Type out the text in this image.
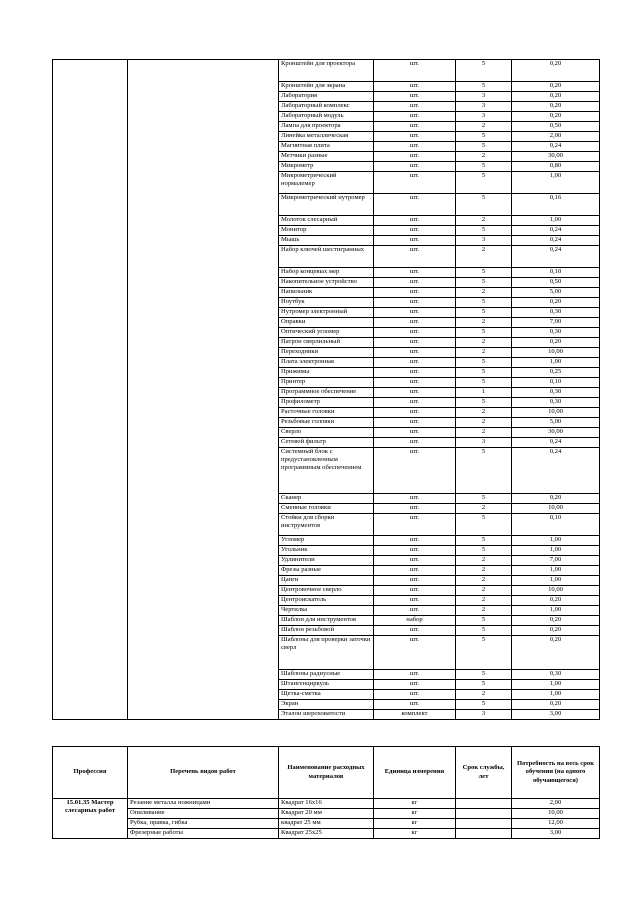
		Кронштейн для проектора	шт.	5	0,20
		Кронштейн для экрана	шт.	5	0,20
		Лаборатория	шт.	3	0,20
		Лабораторный комплекс	шт.	3	0,20
		Лабораторный модуль	шт.	3	0,20
		Лампа для проектора	шт.	2	0,50
		Линейка металлическая	шт.	5	2,00
		Магнитная плита	шт.	5	0,24
		Метчики разные	шт.	2	30,00
		Микрометр	шт.	5	0,80
		Микрометрический нормалемер	шт.	5	1,00
		Микрометрический нутромер	шт.	5	0,16
		Молоток слесарный	шт.	2	1,00
		Монитор	шт.	5	0,24
		Мышь	шт.	3	0,24
		Набор ключей шестигранных	шт.	2	0,24
		Набор концевых мер	шт.	5	0,10
		Накопительное устройство	шт.	5	0,50
		Напильник	шт.	2	5,00
		Ноутбук	шт.	5	0,20
		Нутромер электронный	шт.	5	0,30
		Оправки	шт.	2	7,00
		Оптический угломер	шт.	5	0,30
		Патрон сверлильный	шт.	2	0,20
		Переходники	шт.	2	10,00
		Плата электронная	шт.	5	1,00
		Прижимы	шт.	5	0,25
		Принтер	шт.	5	0,10
		Программное обеспечение	шт.	1	0,30
		Профилометр	шт.	5	0,30
		Расточные головки	шт.	2	10,00
		Резьбовые головки	шт.	2	5,00
		Сверло	шт.	2	30,00
		Сетевой фильтр	шт.	3	0,24
		Системный блок с предустановленным программным обеспечением	шт.	5	0,24
		Сканер	шт.	5	0,20
		Сменные головки	шт.	2	10,00
		Стойки для сборки инструментов	шт.	5	0,10
		Угломер	шт.	5	1,00
		Угольник	шт.	5	1,00
		Удлинители	шт.	2	7,00
		Фрезы разные	шт.	2	1,00
		Цанги	шт.	2	1,00
		Центровочное сверло	шт.	2	10,00
		Центроискатель	шт.	2	0,20
		Чертилка	шт.	2	1,00
		Шаблон для инструментов	набор	5	0,20
		Шаблон резьбовой	шт.	5	0,20
		Шаблоны для проверки заточки сверл	шт.	5	0,20
		Шаблоны радиусные	шт.	5	0,30
		Штангенциркуль	шт.	5	1,00
		Щетка-сметка	шт.	2	1,00
		Экран	шт.	5	0,20
		Эталон шероховатости	комплект	3	3,00
Профессия	Перечень видов работ	Наименование расходных материалов	Единица измерения	Срок службы, лет	Потребность на весь срок обучения (на одного обучающегося)
15.01.35 Мастер слесарных работ	Резание металла ножницами	Квадрат 16х16	кг		2,00
	Опиливание	Квадрат 20 мм	кг		10,00
	Рубка, правка, гибка	квадрат 25 мм	кг		12,00
	Фрезерные работы	Квадрат 25х25	кг		3,00
